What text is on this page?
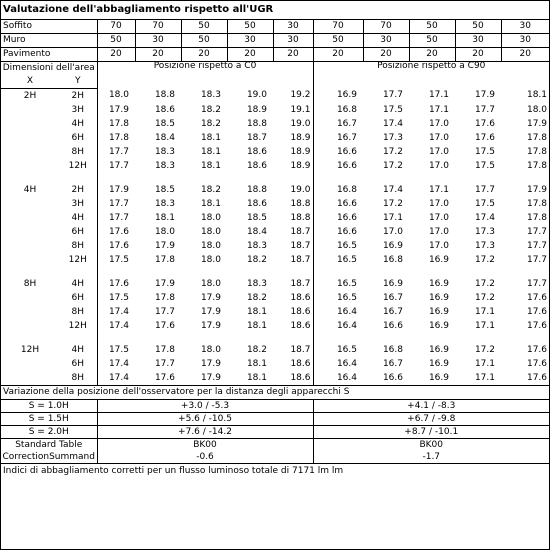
Valutazione dell'abbagliamento rispetto all'UGR											
Soffito		70	70	50	50	30	70	70	50	50	30
Muro		50	30	50	30	30	50	30	50	30	30
Pavimento		20	20	20	20	20	20	20	20	20	20
Dimensioni dell'area		Posizione rispetto a C0					Posizione rispetto a C90				
X	Y										
2H	2H	18.0	18.8	18.3	19.0	19.2	16.9	17.7	17.1	17.9	18.1
	3H	17.9	18.6	18.2	18.9	19.1	16.8	17.5	17.1	17.7	18.0
	4H	17.8	18.5	18.2	18.8	19.0	16.7	17.4	17.0	17.6	17.9
	6H	17.8	18.4	18.1	18.7	18.9	16.7	17.3	17.0	17.6	17.8
	8H	17.7	18.3	18.1	18.6	18.9	16.6	17.2	17.0	17.5	17.8
	12H	17.7	18.3	18.1	18.6	18.9	16.6	17.2	17.0	17.5	17.8

4H	2H	17.9	18.5	18.2	18.8	19.0	16.8	17.4	17.1	17.7	17.9
	3H	17.7	18.3	18.1	18.6	18.8	16.6	17.2	17.0	17.5	17.8
	4H	17.7	18.1	18.0	18.5	18.8	16.6	17.1	17.0	17.4	17.8
	6H	17.6	18.0	18.0	18.4	18.7	16.6	17.0	17.0	17.3	17.7
	8H	17.6	17.9	18.0	18.3	18.7	16.5	16.9	17.0	17.3	17.7
	12H	17.5	17.8	18.0	18.2	18.7	16.5	16.8	16.9	17.2	17.7

8H	4H	17.6	17.9	18.0	18.3	18.7	16.5	16.9	16.9	17.2	17.7
	6H	17.5	17.8	17.9	18.2	18.6	16.5	16.7	16.9	17.2	17.6
	8H	17.4	17.7	17.9	18.1	18.6	16.4	16.7	16.9	17.1	17.6
	12H	17.4	17.6	17.9	18.1	18.6	16.4	16.6	16.9	17.1	17.6

12H	4H	17.5	17.8	18.0	18.2	18.7	16.5	16.8	16.9	17.2	17.6
	6H	17.4	17.7	17.9	18.1	18.6	16.4	16.7	16.9	17.1	17.6
	8H	17.4	17.6	17.9	18.1	18.6	16.4	16.6	16.9	17.1	17.6
Variazione della posizione dell'osservatore per la distanza degli apparecchi S											
S = 1.0H		+3.0 / -5.3					+4.1 / -8.3				
S = 1.5H		+5.6 / -10.5					+6.7 / -9.8				
S = 2.0H		+7.6 / -14.2					+8.7 / -10.1				
Standard Table		BK00					BK00				
CorrectionSummand		-0.6					-1.7				
Indici di abbagliamento corretti per un flusso luminoso totale di 7171 lm lm											
